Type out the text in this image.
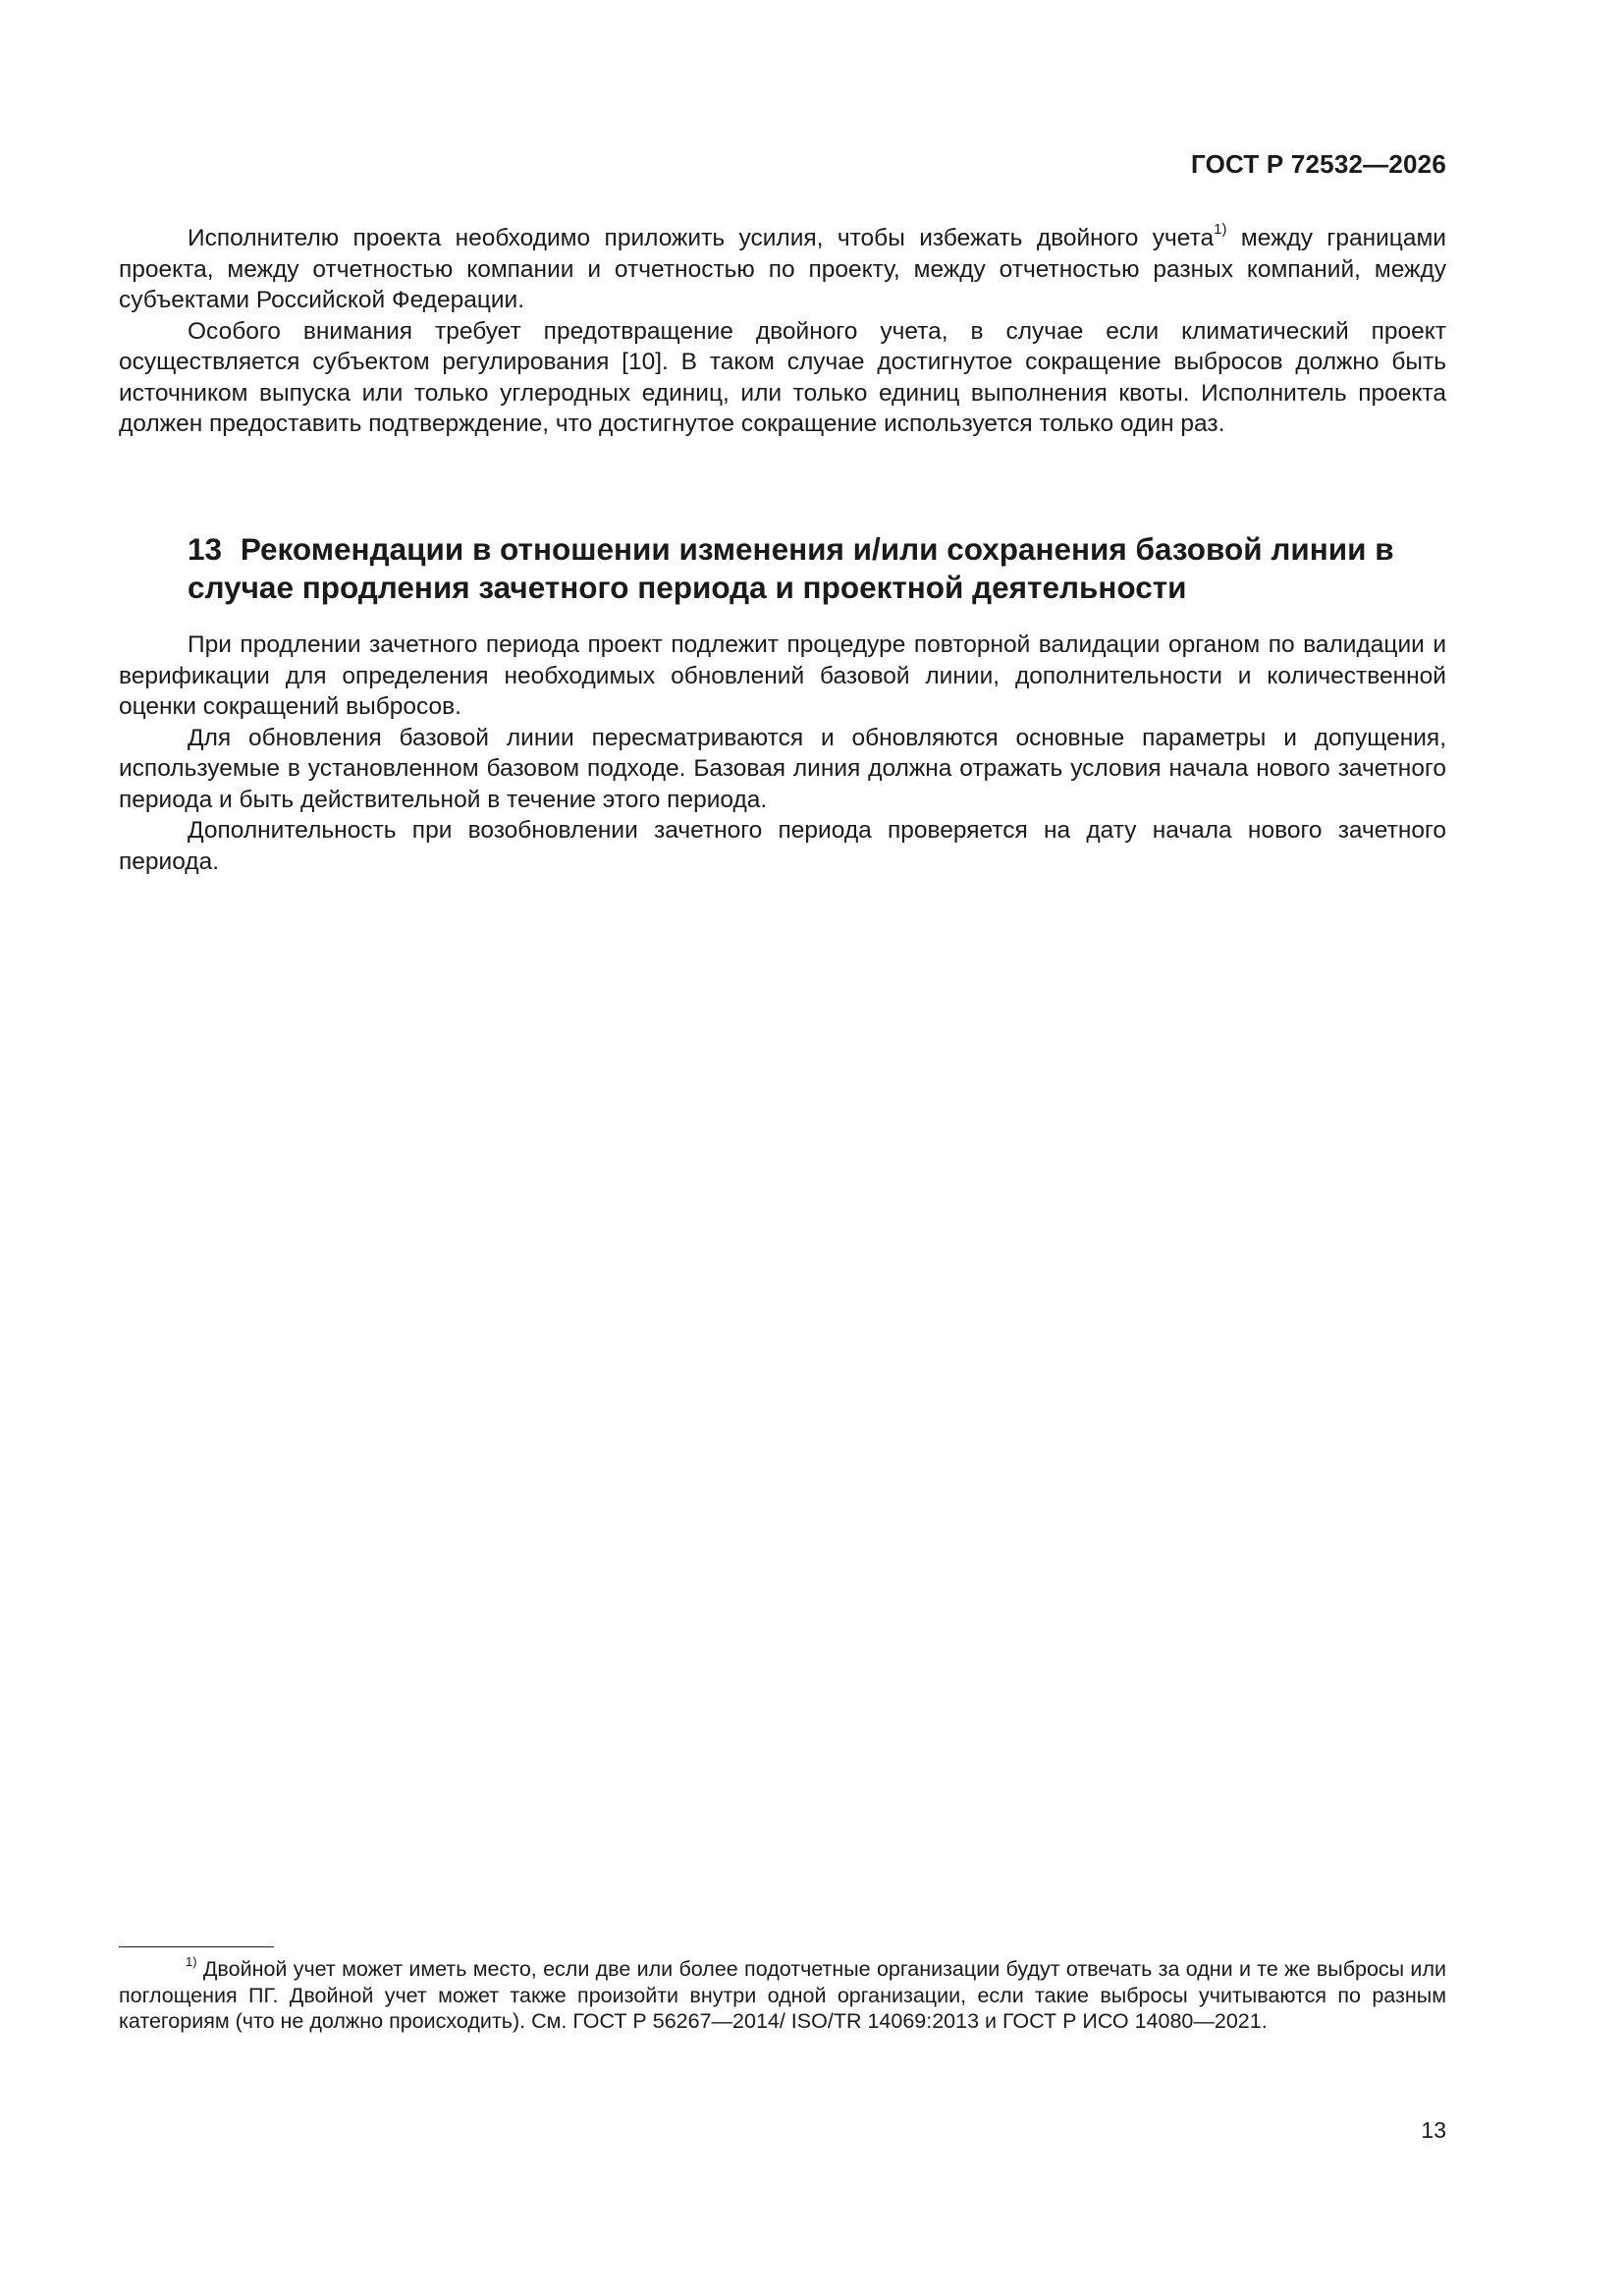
ГОСТ Р 72532—2026

Исполнителю проекта необходимо приложить усилия, чтобы избежать двойного учета$^{1)}$ между границами проекта, между отчетностью компании и отчетностью по проекту, между отчетностью разных компаний, между субъектами Российской Федерации.

Особого внимания требует предотвращение двойного учета, в случае если климатический проект осуществляется субъектом регулирования [10]. В таком случае достигнутое сокращение выбросов должно быть источником выпуска или только углеродных единиц, или только единиц выполнения квоты. Исполнитель проекта должен предоставить подтверждение, что достигнутое сокращение используется только один раз.

13 Рекомендации в отношении изменения и/или сохранения базовой линии в случае продления зачетного периода и проектной деятельности

При продлении зачетного периода проект подлежит процедуре повторной валидации органом по валидации и верификации для определения необходимых обновлений базовой линии, дополнительности и количественной оценки сокращений выбросов.

Для обновления базовой линии пересматриваются и обновляются основные параметры и допущения, используемые в установленном базовом подходе. Базовая линия должна отражать условия начала нового зачетного периода и быть действительной в течение этого периода.

Дополнительность при возобновлении зачетного периода проверяется на дату начала нового зачетного периода.

$^{1)}$ Двойной учет может иметь место, если две или более подотчетные организации будут отвечать за одни и те же выбросы или поглощения ПГ. Двойной учет может также произойти внутри одной организации, если такие выбросы учитываются по разным категориям (что не должно происходить). См. ГОСТ Р 56267—2014/ ISO/TR 14069:2013 и ГОСТ Р ИСО 14080—2021.

13
